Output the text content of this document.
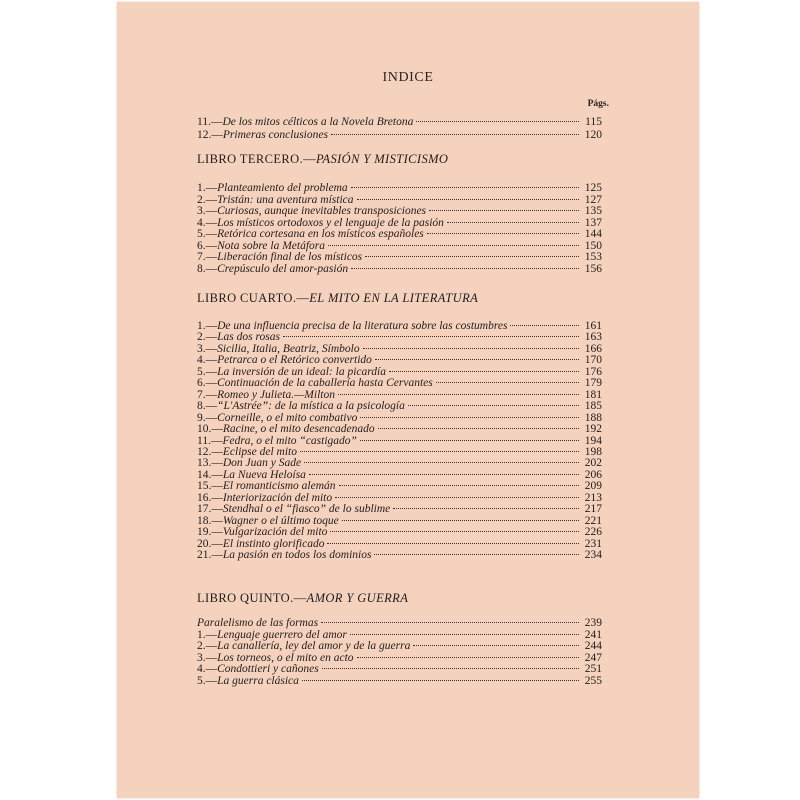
INDICE
Págs.
11.— De los mitos célticos a la Novela Bretona	115
12.— Primeras conclusiones	120
LIBRO TERCERO.—PASIÓN Y MISTICISMO
1.— Planteamiento del problema	125
2.— Tristán: una aventura mística	127
3.— Curiosas, aunque inevitables transposiciones	135
4.— Los místicos ortodoxos y el lenguaje de la pasión	137
5.— Retórica cortesana en los místicos españoles	144
6.— Nota sobre la Metáfora	150
7.— Liberación final de los místicos	153
8.— Crepúsculo del amor-pasión	156
LIBRO CUARTO.—EL MITO EN LA LITERATURA
1.— De una influencia precisa de la literatura sobre las costumbres	161
2.— Las dos rosas	163
3.— Sicilia, Italia, Beatriz, Símbolo	166
4.— Petrarca o el Retórico convertido	170
5.— La inversión de un ideal: la picardía	176
6.— Continuación de la caballería hasta Cervantes	179
7.— Romeo y Julieta.—Milton	181
8.— “L'Astrée”: de la mística a la psicología	185
9.— Corneille, o el mito combativo	188
10.— Racine, o el mito desencadenado	192
11.— Fedra, o el mito “castigado”	194
12.— Eclipse del mito	198
13.— Don Juan y Sade	202
14.— La Nueva Heloísa	206
15.— El romanticismo alemán	209
16.— Interiorización del mito	213
17.— Stendhal o el “fiasco” de lo sublime	217
18.— Wagner o el último toque	221
19.— Vulgarización del mito	226
20.— El instinto glorificado	231
21.— La pasión en todos los dominios	234
LIBRO QUINTO.—AMOR Y GUERRA
Paralelismo de las formas	239
1.— Lenguaje guerrero del amor	241
2.— La canallería, ley del amor y de la guerra	244
3.— Los torneos, o el mito en acto	247
4.— Condottieri y cañones	251
5.— La guerra clásica	255
